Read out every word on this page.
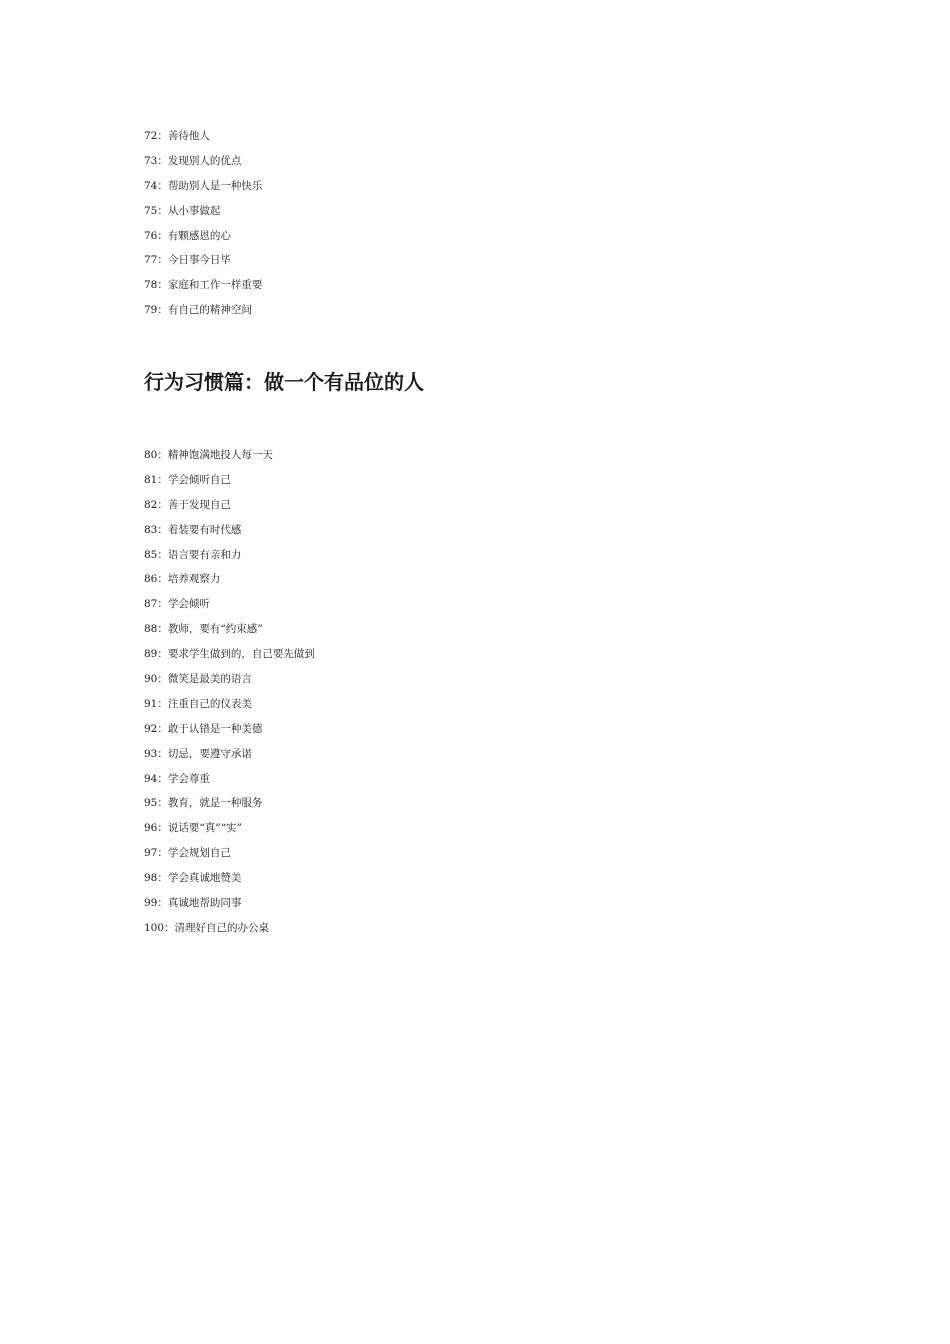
72：善待他人
73：发现别人的优点
74：帮助别人是一种快乐
75：从小事做起
76：有颗感恩的心
77：今日事今日毕
78：家庭和工作一样重要
79：有自己的精神空间
行为习惯篇：做一个有品位的人
80：精神饱满地投人每一天
81：学会倾听自己
82：善于发现自己
83：着装要有时代感
85：语言要有亲和力
86：培养观察力
87：学会倾听
88：教师，要有“约束感”
89：要求学生做到的，自己要先做到
90：微笑是最美的语言
91：注重自己的仪表美
92：敢于认错是一种美德
93：切忌，要遵守承诺
94：学会尊重
95：教育，就是一种服务
96：说话要“真”“实”
97：学会规划自己
98：学会真诚地赞美
99：真诚地帮助同事
100：清理好自己的办公桌
